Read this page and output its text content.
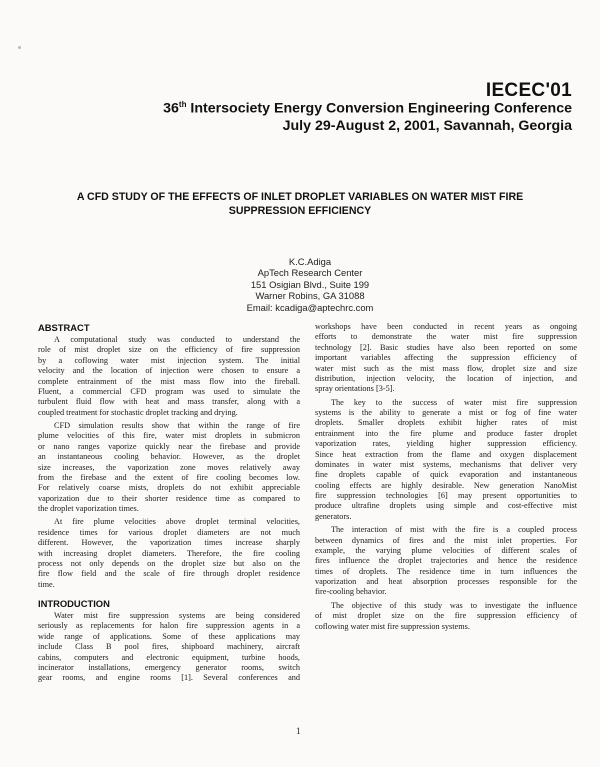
IECEC'01
36th Intersociety Energy Conversion Engineering Conference
July 29-August 2, 2001, Savannah, Georgia
A CFD STUDY OF THE EFFECTS OF INLET DROPLET VARIABLES ON WATER MIST FIRE
SUPPRESSION EFFICIENCY
K.C.Adiga
ApTech Research Center
151 Osigian Blvd., Suite 199
Warner Robins, GA 31088
Email: kcadiga@aptechrc.com
ABSTRACT

A computational study was conducted to understand the
role of mist droplet size on the efficiency of fire suppression
by a coflowing water mist injection system. The initial
velocity and the location of injection were chosen to ensure a
complete entrainment of the mist mass flow into the fireball.
Fluent, a commercial CFD program was used to simulate the
turbulent fluid flow with heat and mass transfer, along with a
coupled treatment for stochastic droplet tracking and drying.

CFD simulation results show that within the range of fire
plume velocities of this fire, water mist droplets in submicron
or nano ranges vaporize quickly near the firebase and provide
an instantaneous cooling behavior. However, as the droplet
size increases, the vaporization zone moves relatively away
from the firebase and the extent of fire cooling becomes low.
For relatively coarse mists, droplets do not exhibit appreciable
vaporization due to their shorter residence time as compared to
the droplet vaporization times.

At fire plume velocities above droplet terminal velocities,
residence times for various droplet diameters are not much
different. However, the vaporization times increase sharply
with increasing droplet diameters. Therefore, the fire cooling
process not only depends on the droplet size but also on the
fire flow field and the scale of fire through droplet residence
time.

INTRODUCTION

Water mist fire suppression systems are being considered
seriously as replacements for halon fire suppression agents in a
wide range of applications. Some of these applications may
include Class B pool fires, shipboard machinery, aircraft
cabins, computers and electronic equipment, turbine hoods,
incinerator installations, emergency generator rooms, switch
gear rooms, and engine rooms [1]. Several conferences and

workshops have been conducted in recent years as ongoing
efforts to demonstrate the water mist fire suppression
technology [2]. Basic studies have also been reported on some
important variables affecting the suppression efficiency of
water mist such as the mist mass flow, droplet size and size
distribution, injection velocity, the location of injection, and
spray orientations [3-5].

The key to the success of water mist fire suppression
systems is the ability to generate a mist or fog of fine water
droplets. Smaller droplets exhibit higher rates of mist
entrainment into the fire plume and produce faster droplet
vaporization rates, yielding higher suppression efficiency.
Since heat extraction from the flame and oxygen displacement
dominates in water mist systems, mechanisms that deliver very
fine droplets capable of quick evaporation and instantaneous
cooling effects are highly desirable. New generation NanoMist
fire suppression technologies [6] may present opportunities to
produce ultrafine droplets using simple and cost-effective mist
generators.

The interaction of mist with the fire is a coupled process
between dynamics of fires and the mist inlet properties. For
example, the varying plume velocities of different scales of
fires influence the droplet trajectories and hence the residence
times of droplets. The residence time in turn influences the
vaporization and heat absorption processes responsible for the
fire-cooling behavior.

The objective of this study was to investigate the influence
of mist droplet size on the fire suppression efficiency of
coflowing water mist fire suppression systems.

1
